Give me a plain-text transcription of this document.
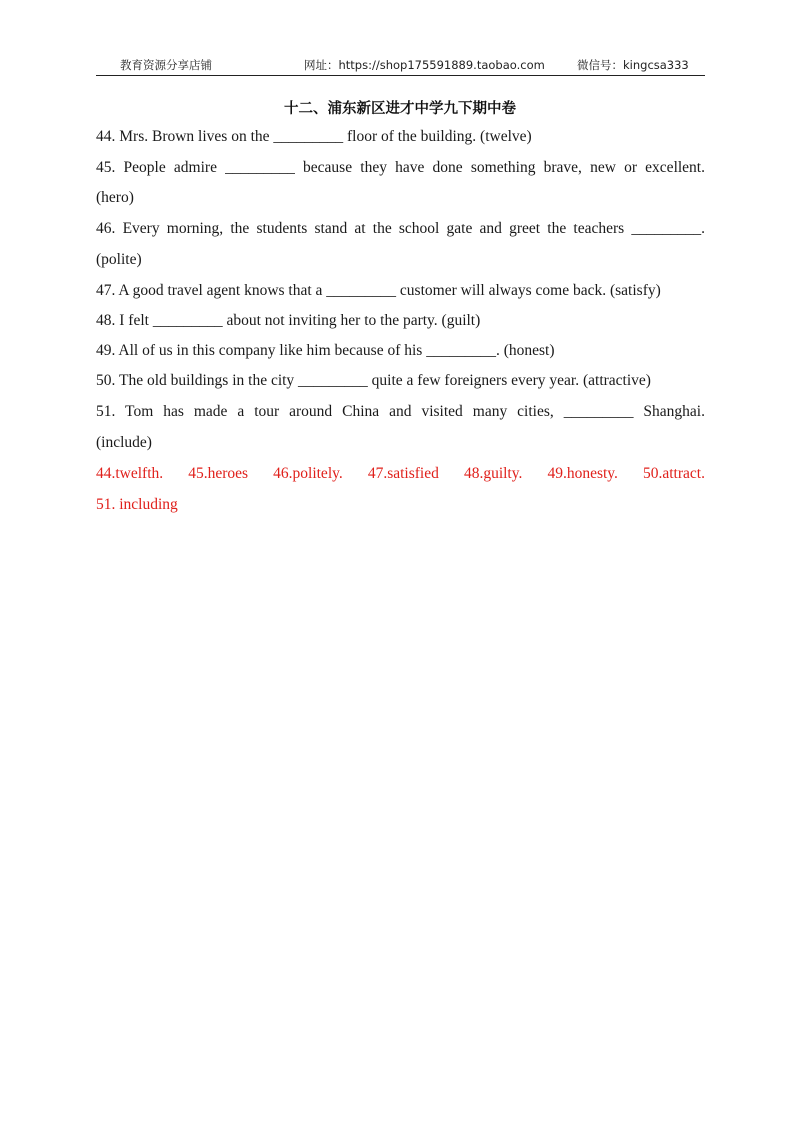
教育资源分享店铺	网址：https://shop175591889.taobao.com	微信号：kingcsa333
十二、浦东新区进才中学九下期中卷
44. Mrs. Brown lives on the _________ floor of the building. (twelve)
45. People admire _________ because they have done something brave, new or excellent.
(hero)
46. Every morning, the students stand at the school gate and greet the teachers _________.
(polite)
47. A good travel agent knows that a _________ customer will always come back. (satisfy)
48. I felt _________ about not inviting her to the party. (guilt)
49. All of us in this company like him because of his _________. (honest)
50. The old buildings in the city _________ quite a few foreigners every year. (attractive)
51. Tom has made a tour around China and visited many cities, _________ Shanghai.
(include)
44.twelfth. 45.heroes 46.politely. 47.satisfied 48.guilty. 49.honesty. 50.attract.
51. including
